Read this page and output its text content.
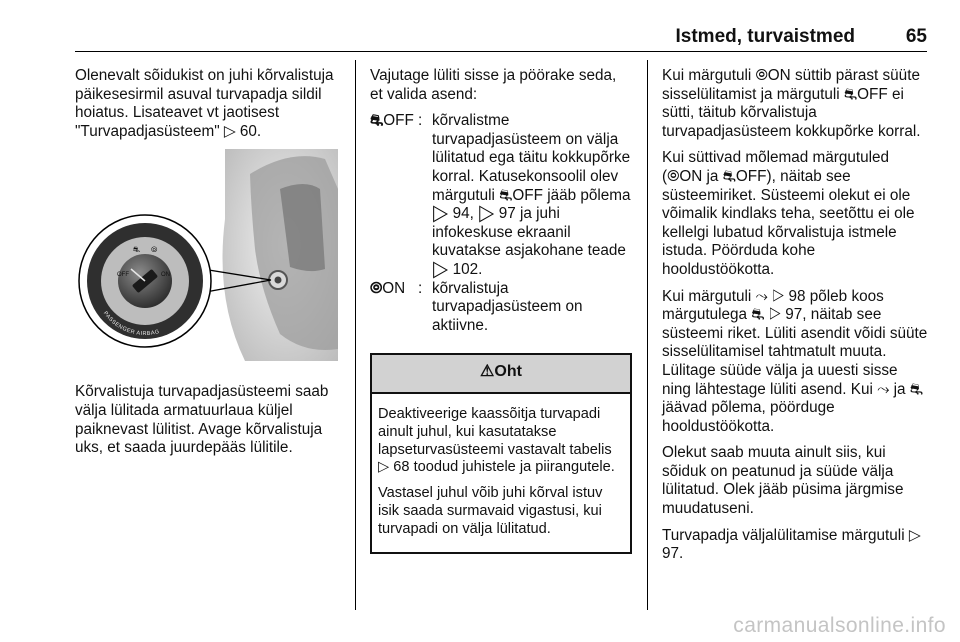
Istmed, turvaistmed	65

Olenevalt sõidukist on juhi kõrvalistuja päikesesirmil asuval turvapadja sildil hoiatus. Lisateavet vt jaotisest "Turvapadjasüsteem" ▷ 60.

OFF	ON
⛐ ⦾
PASSENGER AIRBAG

Kõrvalistuja turvapadjasüsteemi saab välja lülitada armatuurlaua küljel paiknevast lülitist. Avage kõrvalistuja uks, et saada juurdepääs lülitile.

Vajutage lüliti sisse ja pöörake seda, et valida asend:

⛐OFF : kõrvalistme turvapadjasüsteem on välja lülitatud ega täitu kokkupõrke korral. Katusekonsoolil olev märgutuli ⛐OFF jääb põlema ▷ 94, ▷ 97 ja juhi infokeskuse ekraanil kuvatakse asjakohane teade ▷ 102.
⦾ON : kõrvalistuja turvapadjasüsteem on aktiivne.
⚠Oht

Deaktiveerige kaassõitja turvapadi ainult juhul, kui kasutatakse lapseturvasüsteemi vastavalt tabelis ▷ 68 toodud juhistele ja piirangutele.

Vastasel juhul võib juhi kõrval istuv isik saada surmavaid vigastusi, kui turvapadi on välja lülitatud.

Kui märgutuli ⦾ON süttib pärast süüte sisselülitamist ja märgutuli ⛐OFF ei sütti, täitub kõrvalistuja turvapadjasüsteem kokkupõrke korral.

Kui süttivad mõlemad märgutuled (⦾ON ja ⛐OFF), näitab see süsteemiriket. Süsteemi olekut ei ole võimalik kindlaks teha, seetõttu ei ole kellelgi lubatud kõrvalistuja istmele istuda. Pöörduda kohe hooldustöökotta.

Kui märgutuli ⤳ ▷ 98 põleb koos märgutulega ⛐ ▷ 97, näitab see süsteemi riket. Lüliti asendit võidi süüte sisselülitamisel tahtmatult muuta. Lülitage süüde välja ja uuesti sisse ning lähtestage lüliti asend. Kui ⤳ ja ⛐ jäävad põlema, pöörduge hooldustöökotta.

Olekut saab muuta ainult siis, kui sõiduk on peatunud ja süüde välja lülitatud. Olek jääb püsima järgmise muudatuseni.

Turvapadja väljalülitamise märgutuli ▷ 97.

carmanualsonline.info
